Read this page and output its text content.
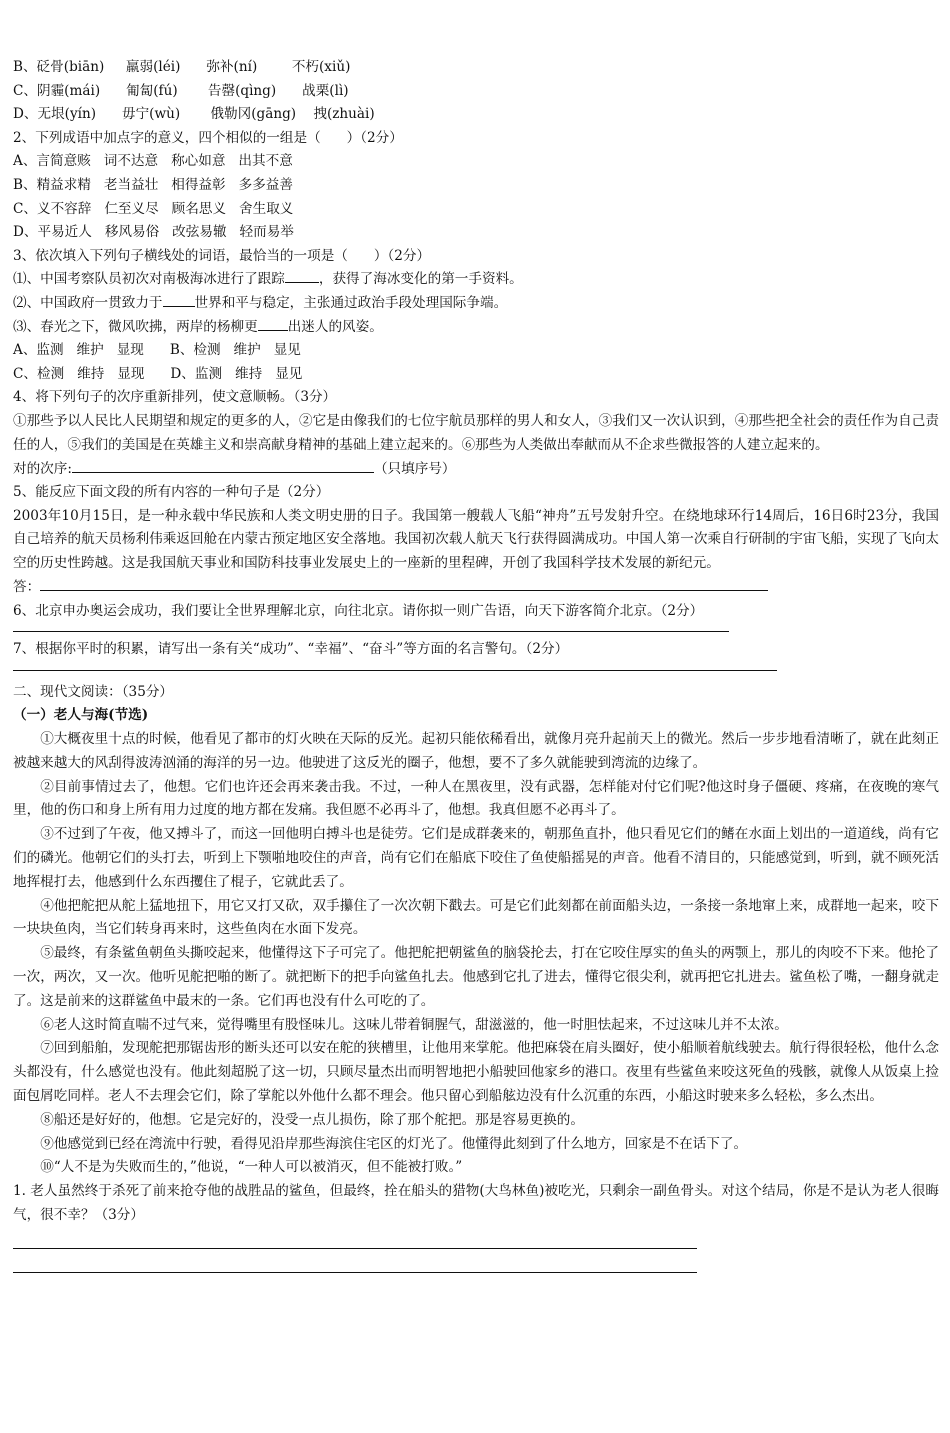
B、砭骨(biān)     羸弱(léi)      弥补(ní)        不朽(xiǔ)
C、阴霾(mái)      匍匐(fú)       告罄(qìng)      战栗(lì)
D、无垠(yín)      毋宁(wù)       俄勒冈(gāng)    拽(zhuài)
2、下列成语中加点字的意义，四个相似的一组是（      ）（2分）
A、言简意赅   词不达意   称心如意   出其不意
B、精益求精   老当益壮   相得益彰   多多益善
C、义不容辞   仁至义尽   顾名思义   舍生取义
D、平易近人   移风易俗   改弦易辙   轻而易举
3、依次填入下列句子横线处的词语，最恰当的一项是（      ）（2分）
⑴、中国考察队员初次对南极海冰进行了跟踪	，获得了海冰变化的第一手资料。
⑵、中国政府一贯致力于 世界和平与稳定，主张通过政治手段处理国际争端。
⑶、春光之下，微风吹拂，两岸的杨柳更 出迷人的风姿。
A、监测   维护   显现      B、检测   维护   显见
C、检测   维持   显现      D、监测   维持   显见
4、将下列句子的次序重新排列，使文意顺畅。（3分）
①那些予以人民比人民期望和规定的更多的人，②它是由像我们的七位宇航员那样的男人和女人，③我们又一次认识到，④那些把全社会的责任作为自己责任的人，⑤我们的美国是在英雄主义和崇高献身精神的基础上建立起来的。⑥那些为人类做出奉献而从不企求些微报答的人建立起来的。
对的次序:	（只填序号）
5、能反应下面文段的所有内容的一种句子是（2分）
2003年10月15日，是一种永载中华民族和人类文明史册的日子。我国第一艘载人飞船“神舟”五号发射升空。在绕地球环行14周后，16日6时23分，我国自己培养的航天员杨利伟乘返回舱在内蒙古预定地区安全落地。我国初次载人航天飞行获得圆满成功。中国人第一次乘自行研制的宇宙飞船，实现了飞向太空的历史性跨越。这是我国航天事业和国防科技事业发展史上的一座新的里程碑，开创了我国科学技术发展的新纪元。
答：
6、北京申办奥运会成功，我们要让全世界理解北京，向往北京。请你拟一则广告语，向天下游客简介北京。（2分）
7、根据你平时的积累，请写出一条有关“成功”、“幸福”、“奋斗”等方面的名言警句。（2分）
二、现代文阅读：（35分）
（一）老人与海(节选)
①大概夜里十点的时候，他看见了都市的灯火映在天际的反光。起初只能依稀看出，就像月亮升起前天上的微光。然后一步步地看清晰了，就在此刻正被越来越大的风刮得波涛汹涌的海洋的另一边。他驶进了这反光的圈子，他想，要不了多久就能驶到湾流的边缘了。
②目前事情过去了，他想。它们也许还会再来袭击我。不过，一种人在黑夜里，没有武器，怎样能对付它们呢?他这时身子僵硬、疼痛，在夜晚的寒气里，他的伤口和身上所有用力过度的地方都在发痛。我但愿不必再斗了，他想。我真但愿不必再斗了。
③不过到了午夜，他又搏斗了，而这一回他明白搏斗也是徒劳。它们是成群袭来的，朝那鱼直扑，他只看见它们的鳍在水面上划出的一道道线，尚有它们的磷光。他朝它们的头打去，听到上下颚啪地咬住的声音，尚有它们在船底下咬住了鱼使船摇晃的声音。他看不清目的，只能感觉到，听到，就不顾死活地挥棍打去，他感到什么东西攫住了棍子，它就此丢了。
④他把舵把从舵上猛地扭下，用它又打又砍，双手攥住了一次次朝下戳去。可是它们此刻都在前面船头边，一条接一条地窜上来，成群地一起来，咬下一块块鱼肉，当它们转身再来时，这些鱼肉在水面下发亮。
⑤最终，有条鲨鱼朝鱼头撕咬起来，他懂得这下子可完了。他把舵把朝鲨鱼的脑袋抡去，打在它咬住厚实的鱼头的两颚上，那儿的肉咬不下来。他抡了一次，两次，又一次。他听见舵把啪的断了。就把断下的把手向鲨鱼扎去。他感到它扎了进去，懂得它很尖利，就再把它扎进去。鲨鱼松了嘴，一翻身就走了。这是前来的这群鲨鱼中最末的一条。它们再也没有什么可吃的了。
⑥老人这时简直喘不过气来，觉得嘴里有股怪味儿。这味儿带着铜腥气，甜滋滋的，他一时胆怯起来，不过这味儿并不太浓。
⑦回到船舶，发现舵把那锯齿形的断头还可以安在舵的狭槽里，让他用来掌舵。他把麻袋在肩头圈好，使小船顺着航线驶去。航行得很轻松，他什么念头都没有，什么感觉也没有。他此刻超脱了这一切，只顾尽量杰出而明智地把小船驶回他家乡的港口。夜里有些鲨鱼来咬这死鱼的残骸，就像人从饭桌上捡面包屑吃同样。老人不去理会它们，除了掌舵以外他什么都不理会。他只留心到船舷边没有什么沉重的东西，小船这时驶来多么轻松，多么杰出。
⑧船还是好好的，他想。它是完好的，没受一点儿损伤，除了那个舵把。那是容易更换的。
⑨他感觉到已经在湾流中行驶，看得见沿岸那些海滨住宅区的灯光了。他懂得此刻到了什么地方，回家是不在话下了。
⑩“人不是为失败而生的，”他说，“一种人可以被消灭，但不能被打败。”
1. 老人虽然终于杀死了前来抢夺他的战胜品的鲨鱼，但最终，拴在船头的猎物(大鸟林鱼)被吃光，只剩余一副鱼骨头。对这个结局，你是不是认为老人很晦气，很不幸？（3分）
